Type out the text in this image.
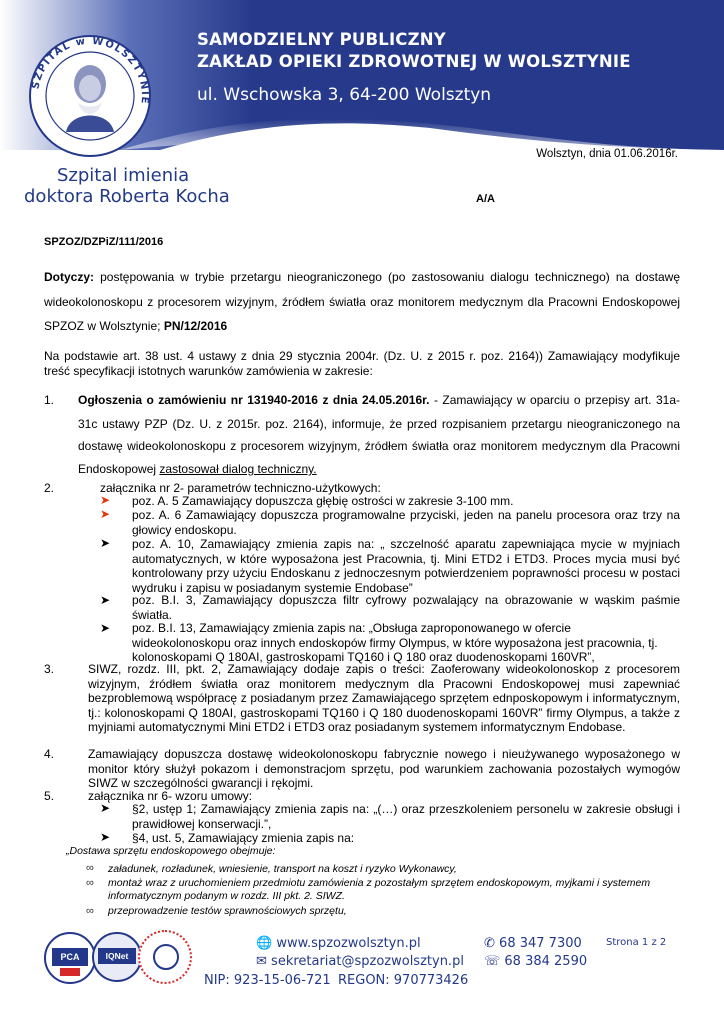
SZPITAL w WOLSZTYNIE
SAMODZIELNY PUBLICZNY
ZAKŁAD OPIEKI ZDROWOTNEJ W WOLSZTYNIE
ul. Wschowska 3, 64-200 Wolsztyn
Szpital imienia
doktora Roberta Kocha
Wolsztyn, dnia 01.06.2016r.
A/A
SPZOZ/DZPiZ/111/2016
Dotyczy: postępowania w trybie przetargu nieograniczonego (po zastosowaniu dialogu technicznego) na dostawę
wideokolonoskopu z procesorem wizyjnym, źródłem światła oraz monitorem medycznym dla Pracowni Endoskopowej
SPZOZ w Wolsztynie; PN/12/2016
Na podstawie art. 38 ust. 4 ustawy z dnia 29 stycznia 2004r. (Dz. U. z 2015 r. poz. 2164)) Zamawiający modyfikuje
treść specyfikacji istotnych warunków zamówienia w zakresie:
1. Ogłoszenia o zamówieniu nr 131940-2016 z dnia 24.05.2016r. - Zamawiający w oparciu o przepisy art. 31a-
31c ustawy PZP (Dz. U. z 2015r. poz. 2164), informuje, że przed rozpisaniem przetargu nieograniczonego na
dostawę wideokolonoskopu z procesorem wizyjnym, źródłem światła oraz monitorem medycznym dla Pracowni
Endoskopowej zastosował dialog techniczny.
2.	załącznika nr 2- parametrów techniczno-użytkowych:
➤ poz. A. 5 Zamawiający dopuszcza głębię ostrości w zakresie 3-100 mm.
➤ poz. A. 6 Zamawiający dopuszcza programowalne przyciski, jeden na panelu procesora oraz trzy na głowicy endoskopu.
➤ poz. A. 10, Zamawiający zmienia zapis na: „ szczelność aparatu zapewniająca mycie w myjniach automatycznych, w które wyposażona jest Pracownia, tj. Mini ETD2 i ETD3. Proces mycia musi być kontrolowany przy użyciu Endoskanu z jednoczesnym potwierdzeniem poprawności procesu w postaci wydruku i zapisu w posiadanym systemie Endobase”
➤ poz. B.I. 3, Zamawiający dopuszcza filtr cyfrowy pozwalający na obrazowanie w wąskim paśmie światła.
➤ poz. B.I. 13, Zamawiający zmienia zapis na: „Obsługa zaproponowanego w ofercie wideokolonoskopu oraz innych endoskopów firmy Olympus, w które wyposażona jest pracownia, tj. kolonoskopami Q 180AI, gastroskopami TQ160 i Q 180 oraz duodenoskopami 160VR”,
3.	SIWZ, rozdz. III, pkt. 2, Zamawiający dodaje zapis o treści: Zaoferowany wideokolonoskop z procesorem wizyjnym, źródłem światła oraz monitorem medycznym dla Pracowni Endoskopowej musi zapewniać bezproblemową współpracę z posiadanym przez Zamawiającego sprzętem ednposkopowym i informatycznym, tj.: kolonoskopami Q 180AI, gastroskopami TQ160 i Q 180 duodenoskopami 160VR” firmy Olympus, a także z myjniami automatycznymi Mini ETD2 i ETD3 oraz posiadanym systemem informatycznym Endobase.
4.	Zamawiający dopuszcza dostawę wideokolonoskopu fabrycznie nowego i nieużywanego wyposażonego w monitor który służył pokazom i demonstracjom sprzętu, pod warunkiem zachowania pozostałych wymogów SIWZ w szczególności gwarancji i rękojmi.
5.	załącznika nr 6- wzoru umowy:
➤ §2, ustęp 1; Zamawiający zmienia zapis na: „(…) oraz przeszkoleniem personelu w zakresie obsługi i prawidłowej konserwacji.”,
➤ §4, ust. 5, Zamawiający zmienia zapis na:
„Dostawa sprzętu endoskopowego obejmuje:
∞ załadunek, rozładunek, wniesienie, transport na koszt i ryzyko Wykonawcy,
∞ montaż wraz z uruchomieniem przedmiotu zamówienia z pozostałym sprzętem endoskopowym, myjkami i systemem informatycznym podanym w rozdz. III pkt. 2. SIWZ.
∞ przeprowadzenie testów sprawnościowych sprzętu,
PCA	IQNet
🌐 www.spzozwolsztyn.pl
✉ sekretariat@spzozwolsztyn.pl
NIP: 923-15-06-721 REGON: 970773426
✆ 68 347 7300
☏ 68 384 2590
Strona 1 z 2
